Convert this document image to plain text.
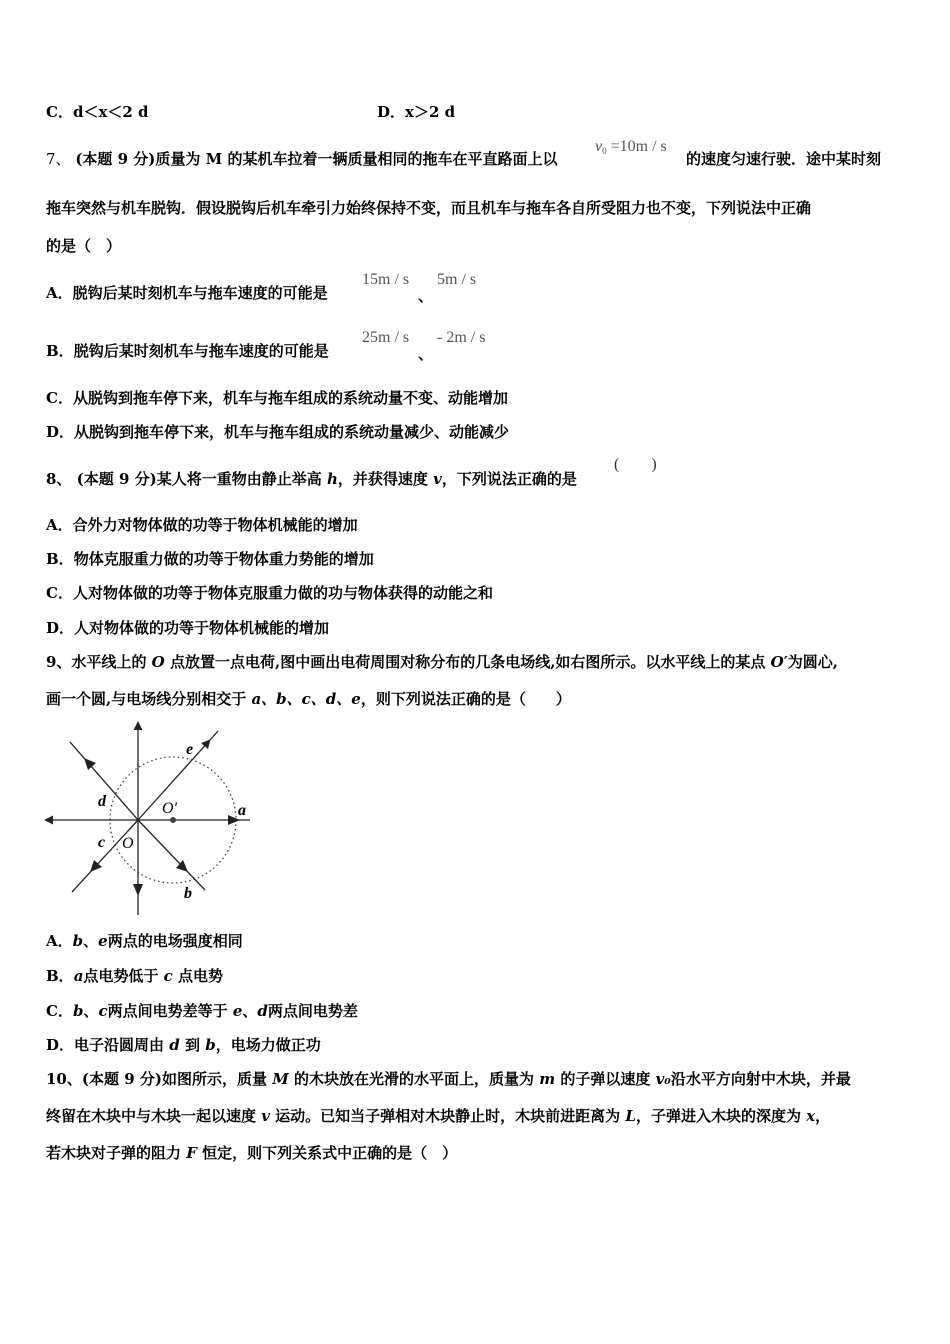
C．d＜x＜2 d	D．x＞2 d
7、 (本题 9 分)质量为 M 的某机车拉着一辆质量相同的拖车在平直路面上以
$v_0 =10m / s$
的速度匀速行驶．途中某时刻
拖车突然与机车脱钩．假设脱钩后机车牵引力始终保持不变，而且机车与拖车各自所受阻力也不变，下列说法中正确
的是（　）
A．脱钩后某时刻机车与拖车速度的可能是
15m / s
、
5m / s
B．脱钩后某时刻机车与拖车速度的可能是
25m / s
、
- 2m / s
C．从脱钩到拖车停下来，机车与拖车组成的系统动量不变、动能增加
D．从脱钩到拖车停下来，机车与拖车组成的系统动量减少、动能减少
8、 (本题 9 分)某人将一重物由静止举高 h，并获得速度 v，下列说法正确的是
(　　)
A．合外力对物体做的功等于物体机械能的增加
B．物体克服重力做的功等于物体重力势能的增加
C．人对物体做的功等于物体克服重力做的功与物体获得的动能之和
D．人对物体做的功等于物体机械能的增加
9、水平线上的 O 点放置一点电荷,图中画出电荷周围对称分布的几条电场线,如右图所示。以水平线上的某点 O′为圆心,
画一个圆,与电场线分别相交于 a、b、c、d、e，则下列说法正确的是（　　）
a
b
c
d
e
O
O′
A．b、e两点的电场强度相同
B．a点电势低于 c 点电势
C．b、c两点间电势差等于 e、d两点间电势差
D．电子沿圆周由 d 到 b，电场力做正功
10、(本题 9 分)如图所示，质量 M 的木块放在光滑的水平面上，质量为 m 的子弹以速度 v₀沿水平方向射中木块，并最
终留在木块中与木块一起以速度 v 运动。已知当子弹相对木块静止时，木块前进距离为 L，子弹进入木块的深度为 x，
若木块对子弹的阻力 F 恒定，则下列关系式中正确的是（　）
